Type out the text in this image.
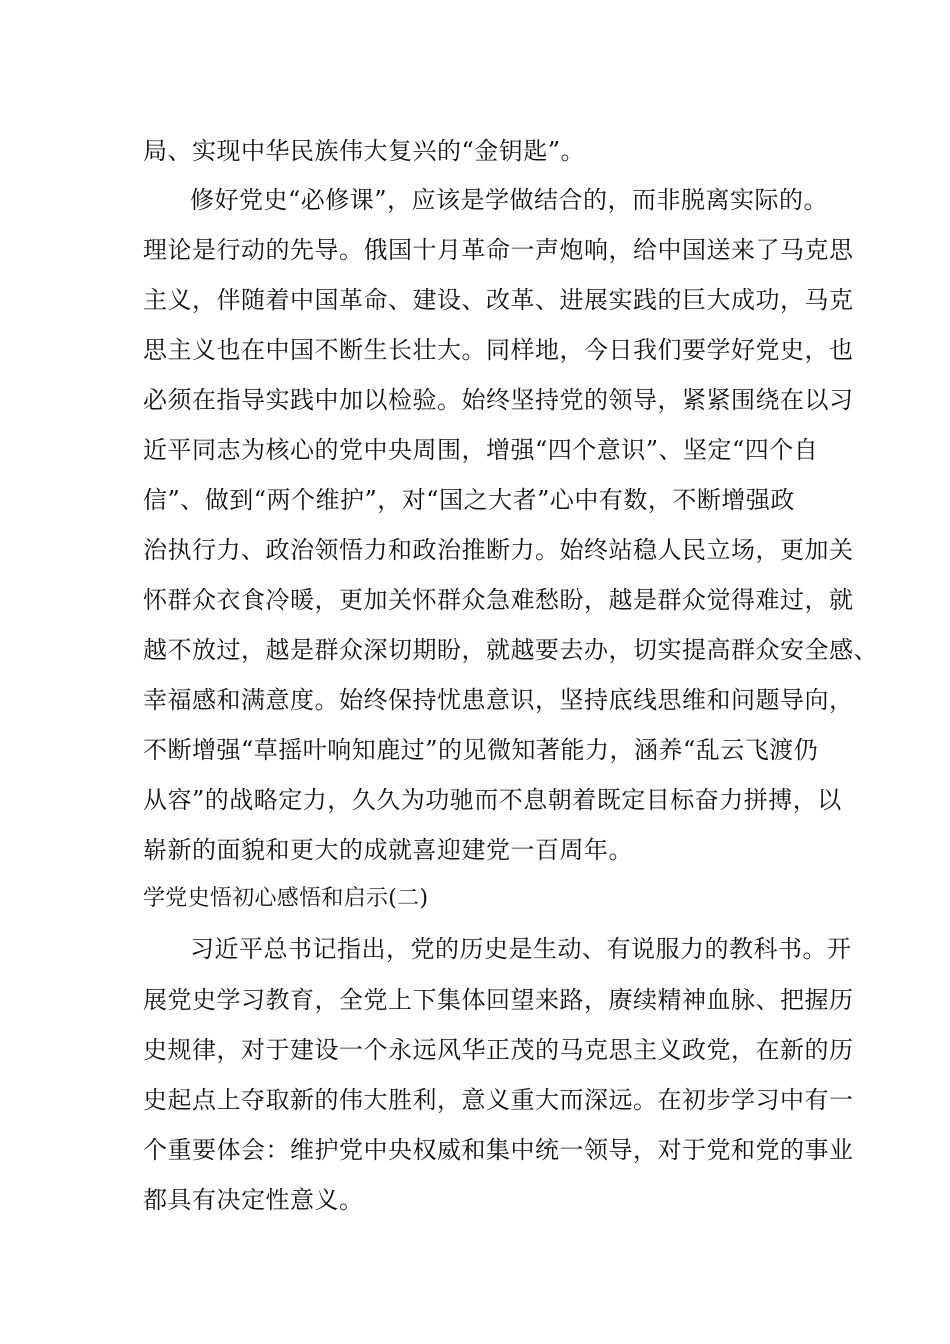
局、实现中华民族伟大复兴的“金钥匙”。
修好党史“必修课”，应该是学做结合的，而非脱离实际的。
理论是行动的先导。俄国十月革命一声炮响，给中国送来了马克思
主义，伴随着中国革命、建设、改革、进展实践的巨大成功，马克
思主义也在中国不断生长壮大。同样地，今日我们要学好党史，也
必须在指导实践中加以检验。始终坚持党的领导，紧紧围绕在以习
近平同志为核心的党中央周围，增强“四个意识”、坚定“四个自
信”、做到“两个维护”，对“国之大者”心中有数，不断增强政
治执行力、政治领悟力和政治推断力。始终站稳人民立场，更加关
怀群众衣食冷暖，更加关怀群众急难愁盼，越是群众觉得难过，就
越不放过，越是群众深切期盼，就越要去办，切实提高群众安全感、
幸福感和满意度。始终保持忧患意识，坚持底线思维和问题导向，
不断增强“草摇叶响知鹿过”的见微知著能力，涵养“乱云飞渡仍
从容”的战略定力，久久为功驰而不息朝着既定目标奋力拼搏，以
崭新的面貌和更大的成就喜迎建党一百周年。
学党史悟初心感悟和启示(二)
习近平总书记指出，党的历史是生动、有说服力的教科书。开
展党史学习教育，全党上下集体回望来路，赓续精神血脉、把握历
史规律，对于建设一个永远风华正茂的马克思主义政党，在新的历
史起点上夺取新的伟大胜利，意义重大而深远。在初步学习中有一
个重要体会：维护党中央权威和集中统一领导，对于党和党的事业
都具有决定性意义。
